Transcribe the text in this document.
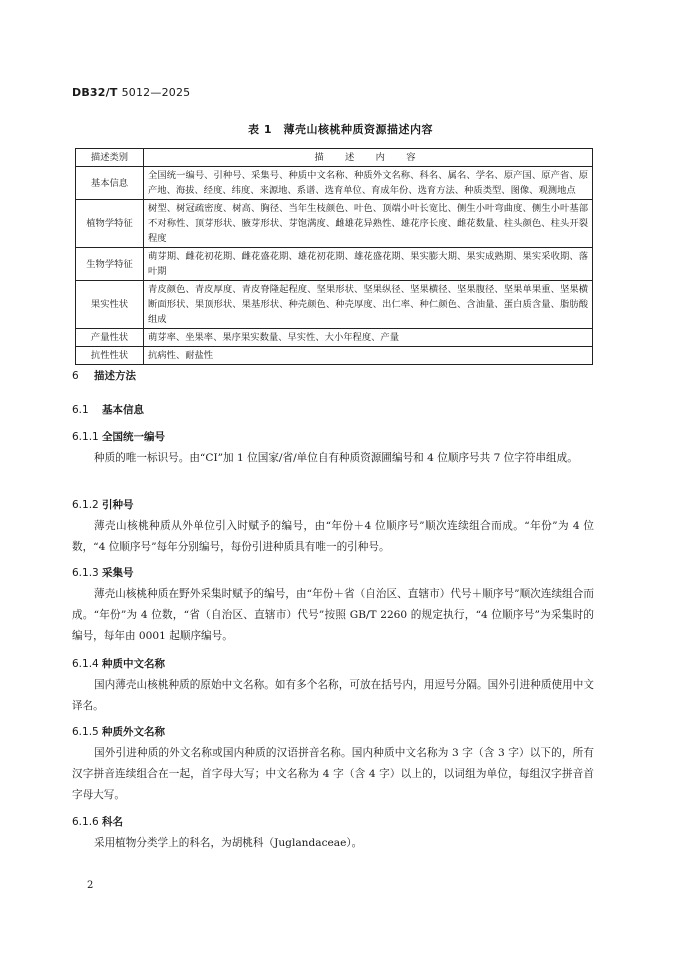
DB32/T 5012—2025
表 1　薄壳山核桃种质资源描述内容
描述类别	描　述　内　容
基本信息	全国统一编号、引种号、采集号、种质中文名称、种质外文名称、科名、属名、学名、原产国、原产省、原产地、海拔、经度、纬度、来源地、系谱、选育单位、育成年份、选育方法、种质类型、图像、观测地点
植物学特征	树型、树冠疏密度、树高、胸径、当年生枝颜色、叶色、顶端小叶长宽比、侧生小叶弯曲度、侧生小叶基部不对称性、顶芽形状、腋芽形状、芽饱满度、雌雄花异熟性、雄花序长度、雌花数量、柱头颜色、柱头开裂程度
生物学特征	萌芽期、雌花初花期、雌花盛花期、雄花初花期、雄花盛花期、果实膨大期、果实成熟期、果实采收期、落叶期
果实性状	青皮颜色、青皮厚度、青皮脊隆起程度、坚果形状、坚果纵径、坚果横径、坚果腹径、坚果单果重、坚果横断面形状、果顶形状、果基形状、种壳颜色、种壳厚度、出仁率、种仁颜色、含油量、蛋白质含量、脂肪酸组成
产量性状	萌芽率、坐果率、果序果实数量、早实性、大小年程度、产量
抗性性状	抗病性、耐盐性
6 描述方法
6.1 基本信息
6.1.1 全国统一编号
种质的唯一标识号。由“CI”加 1 位国家/省/单位自有种质资源圃编号和 4 位顺序号共 7 位字符串组成。
6.1.2 引种号
薄壳山核桃种质从外单位引入时赋予的编号，由“年份＋4 位顺序号”顺次连续组合而成。“年份”为 4 位数，“4 位顺序号”每年分别编号，每份引进种质具有唯一的引种号。
6.1.3 采集号
薄壳山核桃种质在野外采集时赋予的编号，由“年份＋省（自治区、直辖市）代号＋顺序号”顺次连续组合而成。“年份”为 4 位数，“省（自治区、直辖市）代号”按照 GB/T 2260 的规定执行，“4 位顺序号”为采集时的编号，每年由 0001 起顺序编号。
6.1.4 种质中文名称
国内薄壳山核桃种质的原始中文名称。如有多个名称，可放在括号内，用逗号分隔。国外引进种质使用中文译名。
6.1.5 种质外文名称
国外引进种质的外文名称或国内种质的汉语拼音名称。国内种质中文名称为 3 字（含 3 字）以下的，所有汉字拼音连续组合在一起，首字母大写；中文名称为 4 字（含 4 字）以上的，以词组为单位，每组汉字拼音首字母大写。
6.1.6 科名
采用植物分类学上的科名，为胡桃科（Juglandaceae）。
2
